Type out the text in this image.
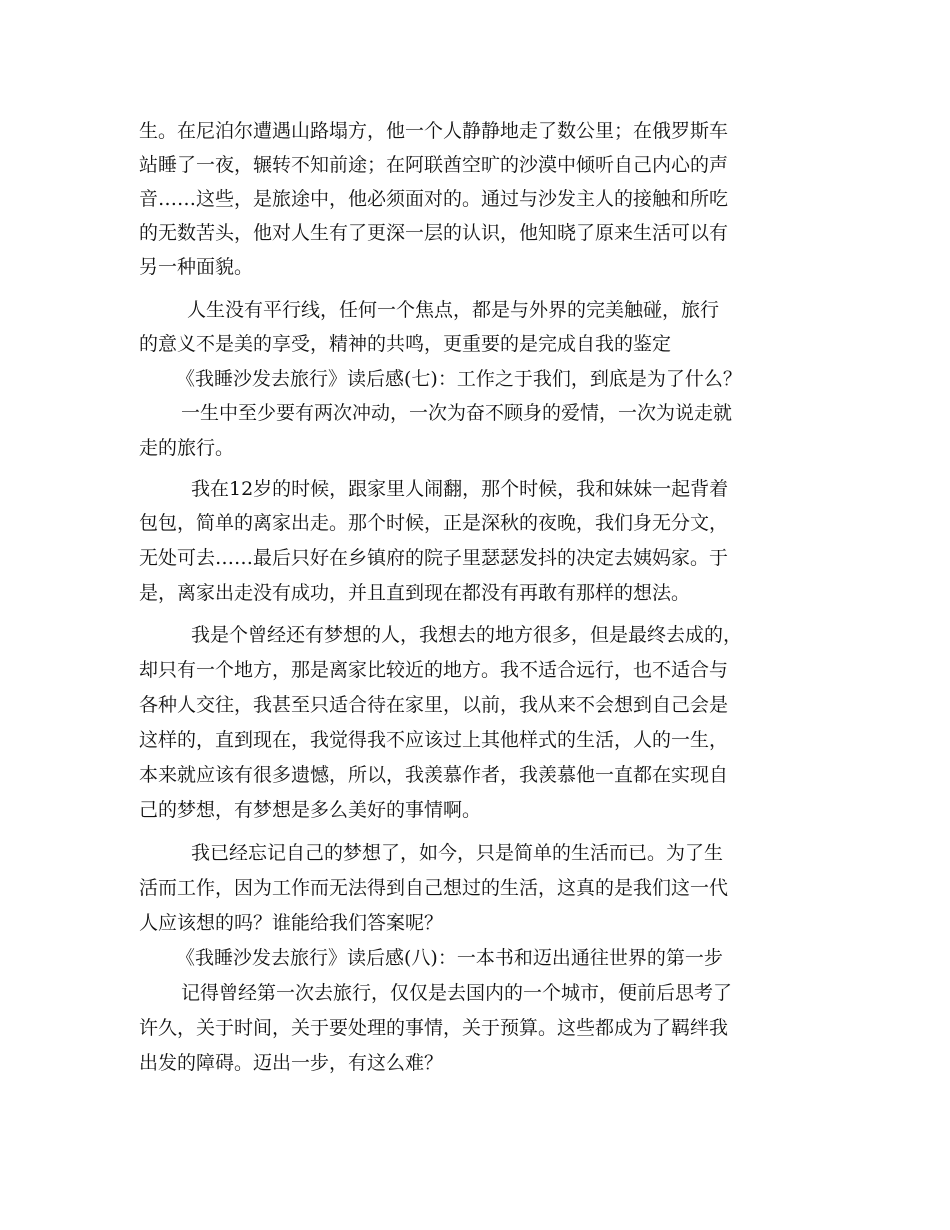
生。在尼泊尔遭遇山路塌方，他一个人静静地走了数公里；在俄罗斯车
站睡了一夜，辗转不知前途；在阿联酋空旷的沙漠中倾听自己内心的声
音……这些，是旅途中，他必须面对的。通过与沙发主人的接触和所吃
的无数苦头，他对人生有了更深一层的认识，他知晓了原来生活可以有
另一种面貌。
人生没有平行线，任何一个焦点，都是与外界的完美触碰，旅行
的意义不是美的享受，精神的共鸣，更重要的是完成自我的鉴定
《我睡沙发去旅行》读后感(七)：工作之于我们，到底是为了什么？
一生中至少要有两次冲动，一次为奋不顾身的爱情，一次为说走就
走的旅行。
我在12岁的时候，跟家里人闹翻，那个时候，我和妹妹一起背着
包包，简单的离家出走。那个时候，正是深秋的夜晚，我们身无分文，
无处可去……最后只好在乡镇府的院子里瑟瑟发抖的决定去姨妈家。于
是，离家出走没有成功，并且直到现在都没有再敢有那样的想法。
我是个曾经还有梦想的人，我想去的地方很多，但是最终去成的，
却只有一个地方，那是离家比较近的地方。我不适合远行，也不适合与
各种人交往，我甚至只适合待在家里，以前，我从来不会想到自己会是
这样的，直到现在，我觉得我不应该过上其他样式的生活，人的一生，
本来就应该有很多遗憾，所以，我羡慕作者，我羡慕他一直都在实现自
己的梦想，有梦想是多么美好的事情啊。
我已经忘记自己的梦想了，如今，只是简单的生活而已。为了生
活而工作，因为工作而无法得到自己想过的生活，这真的是我们这一代
人应该想的吗？谁能给我们答案呢？
《我睡沙发去旅行》读后感(八)：一本书和迈出通往世界的第一步
记得曾经第一次去旅行，仅仅是去国内的一个城市，便前后思考了
许久，关于时间，关于要处理的事情，关于预算。这些都成为了羁绊我
出发的障碍。迈出一步，有这么难？
